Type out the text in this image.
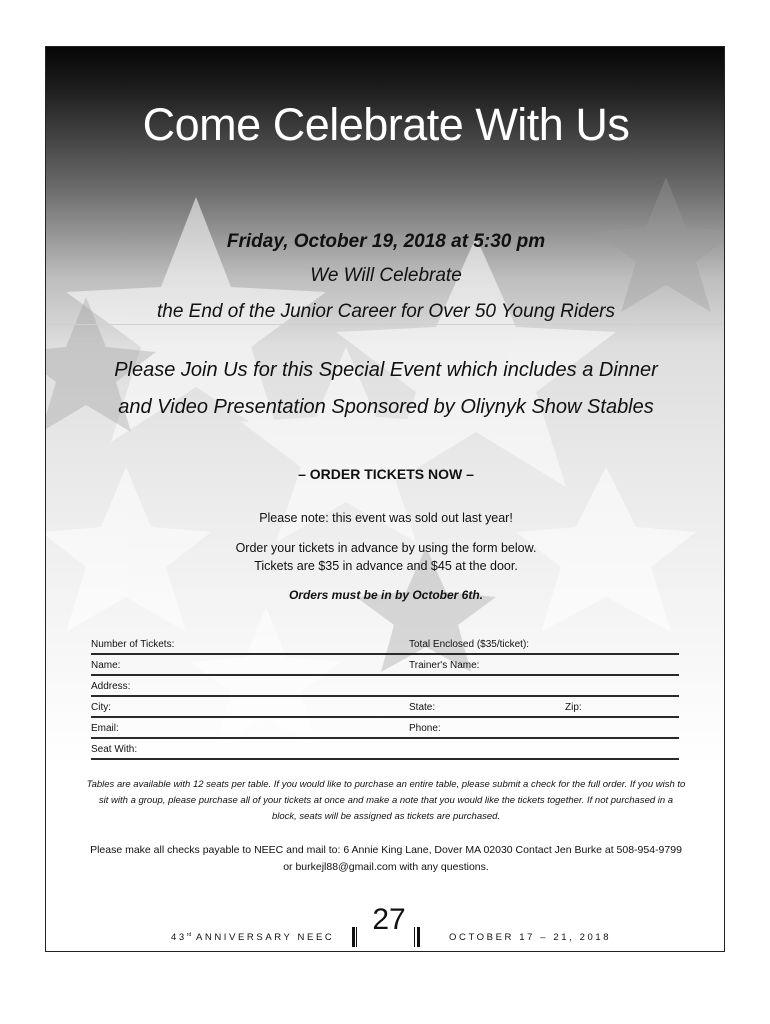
Come Celebrate With Us
Friday, October 19, 2018 at 5:30 pm
We Will Celebrate
the End of the Junior Career for Over 50 Young Riders
Please Join Us for this Special Event which includes a Dinner
and Video Presentation Sponsored by Oliynyk Show Stables
– ORDER TICKETS NOW –
Please note: this event was sold out last year!
Order your tickets in advance by using the form below.
Tickets are $35 in advance and $45 at the door.
Orders must be in by October 6th.
Number of Tickets:	Total Enclosed ($35/ticket):
Name:	Trainer's Name:
Address:
City:	State:	Zip:
Email:	Phone:
Seat With:
Tables are available with 12 seats per table. If you would like to purchase an entire table, please submit a check for the full order. If you wish to sit with a group, please purchase all of your tickets at once and make a note that you would like the tickets together. If not purchased in a block, seats will be assigned as tickets are purchased.
Please make all checks payable to NEEC and mail to: 6 Annie King Lane, Dover MA 02030 Contact Jen Burke at 508-954-9799 or burkejl88@gmail.com with any questions.
43rd ANNIVERSARY NEEC
27
OCTOBER 17 – 21, 2018
